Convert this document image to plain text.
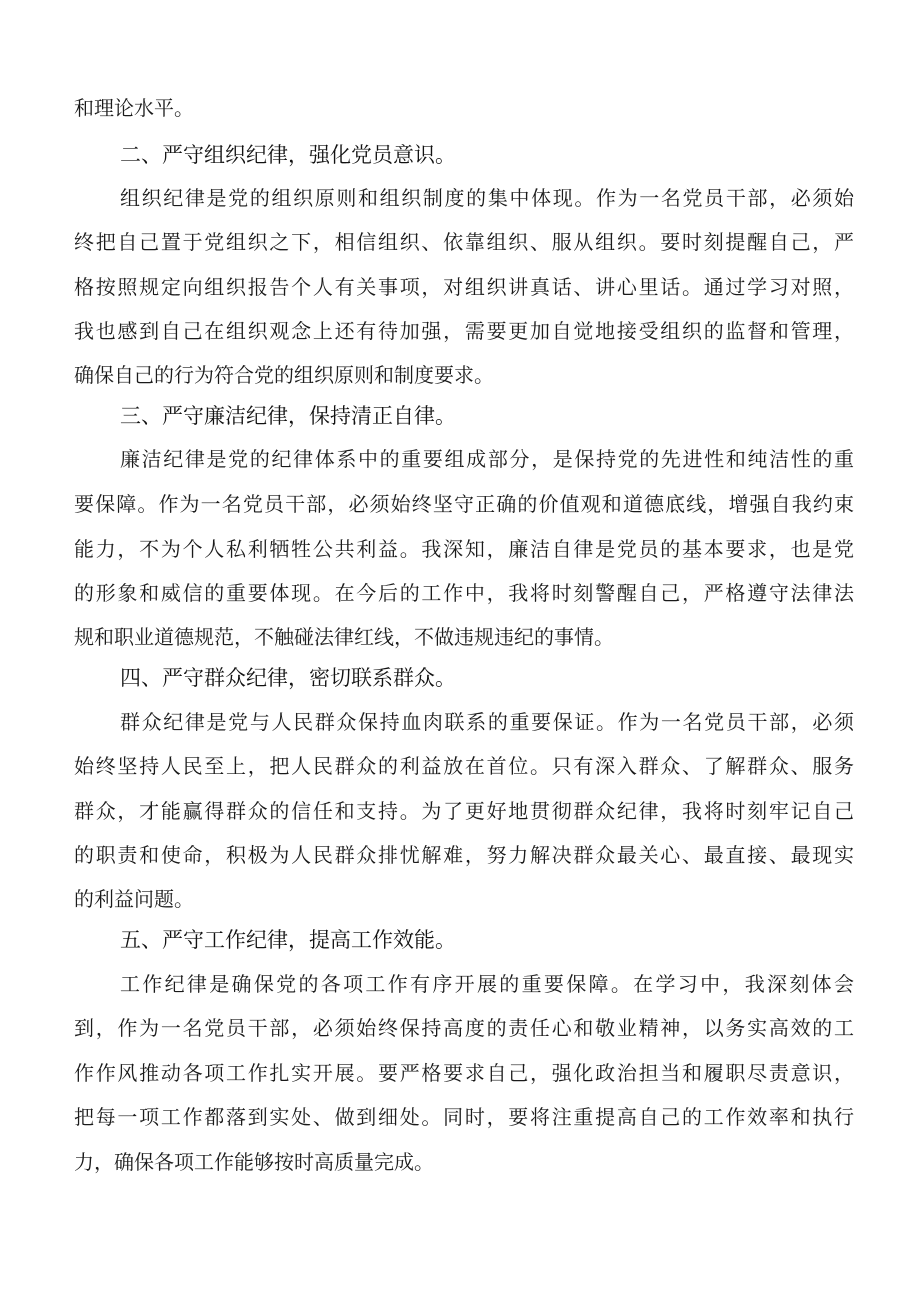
和理论水平。
二、严守组织纪律，强化党员意识。
组织纪律是党的组织原则和组织制度的集中体现。作为一名党员干部，必须始
终把自己置于党组织之下，相信组织、依靠组织、服从组织。要时刻提醒自己，严
格按照规定向组织报告个人有关事项，对组织讲真话、讲心里话。通过学习对照，
我也感到自己在组织观念上还有待加强，需要更加自觉地接受组织的监督和管理，
确保自己的行为符合党的组织原则和制度要求。
三、严守廉洁纪律，保持清正自律。
廉洁纪律是党的纪律体系中的重要组成部分，是保持党的先进性和纯洁性的重
要保障。作为一名党员干部，必须始终坚守正确的价值观和道德底线，增强自我约束
能力，不为个人私利牺牲公共利益。我深知，廉洁自律是党员的基本要求，也是党
的形象和威信的重要体现。在今后的工作中，我将时刻警醒自己，严格遵守法律法
规和职业道德规范，不触碰法律红线，不做违规违纪的事情。
四、严守群众纪律，密切联系群众。
群众纪律是党与人民群众保持血肉联系的重要保证。作为一名党员干部，必须
始终坚持人民至上，把人民群众的利益放在首位。只有深入群众、了解群众、服务
群众，才能赢得群众的信任和支持。为了更好地贯彻群众纪律，我将时刻牢记自己
的职责和使命，积极为人民群众排忧解难，努力解决群众最关心、最直接、最现实
的利益问题。
五、严守工作纪律，提高工作效能。
工作纪律是确保党的各项工作有序开展的重要保障。在学习中，我深刻体会
到，作为一名党员干部，必须始终保持高度的责任心和敬业精神，以务实高效的工
作作风推动各项工作扎实开展。要严格要求自己，强化政治担当和履职尽责意识，
把每一项工作都落到实处、做到细处。同时，要将注重提高自己的工作效率和执行
力，确保各项工作能够按时高质量完成。
